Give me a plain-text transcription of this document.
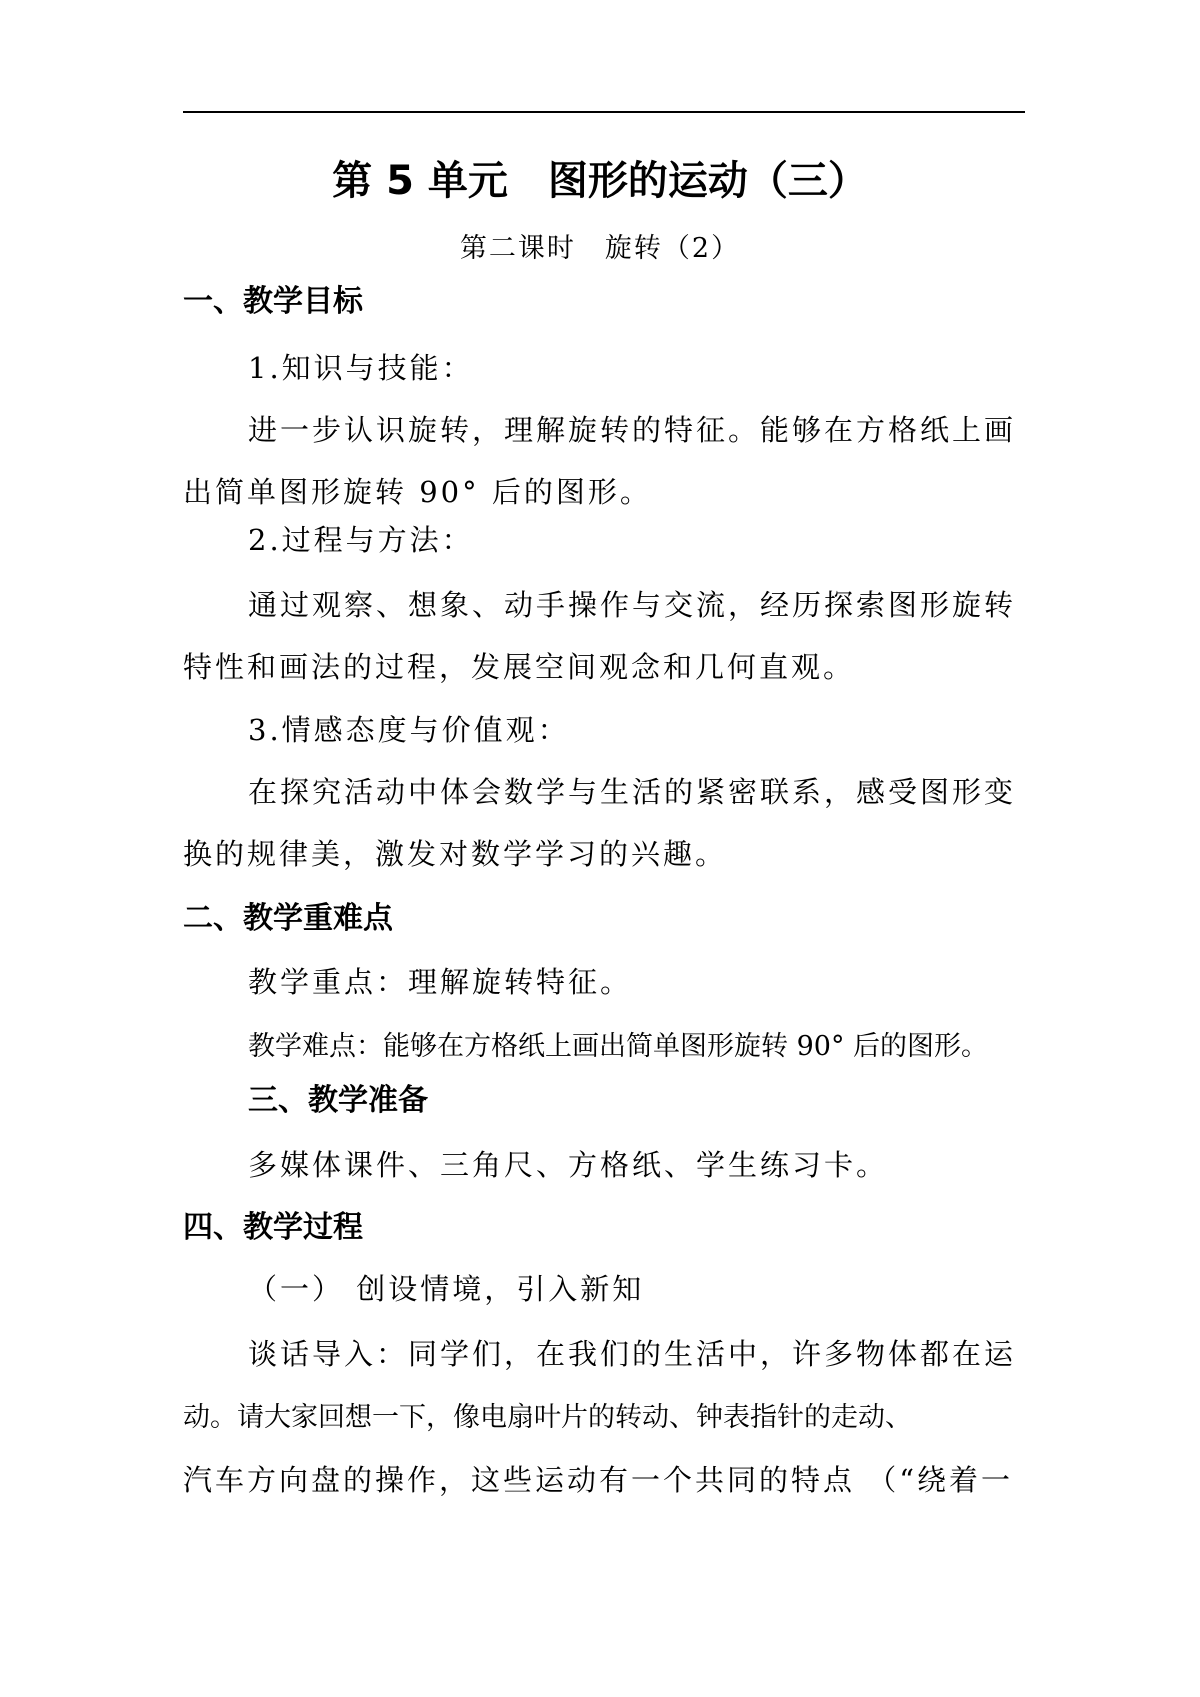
第 5 单元　图形的运动（三）
第二课时　旋转（2）
一、教学目标
1.知识与技能：
进一步认识旋转，理解旋转的特征。能够在方格纸上画
出简单图形旋转 90° 后的图形。
2.过程与方法：
通过观察、想象、动手操作与交流，经历探索图形旋转
特性和画法的过程，发展空间观念和几何直观。
3.情感态度与价值观：
在探究活动中体会数学与生活的紧密联系，感受图形变
换的规律美，激发对数学学习的兴趣。
二、教学重难点
教学重点：理解旋转特征。
教学难点：能够在方格纸上画出简单图形旋转 90° 后的图形。
三、教学准备
多媒体课件、三角尺、方格纸、学生练习卡。
四、教学过程
（一） 创设情境，引入新知
谈话导入：同学们，在我们的生活中，许多物体都在运
动。请大家回想一下，像电扇叶片的转动、钟表指针的走动、
汽车方向盘的操作，这些运动有一个共同的特点 （“绕着一
